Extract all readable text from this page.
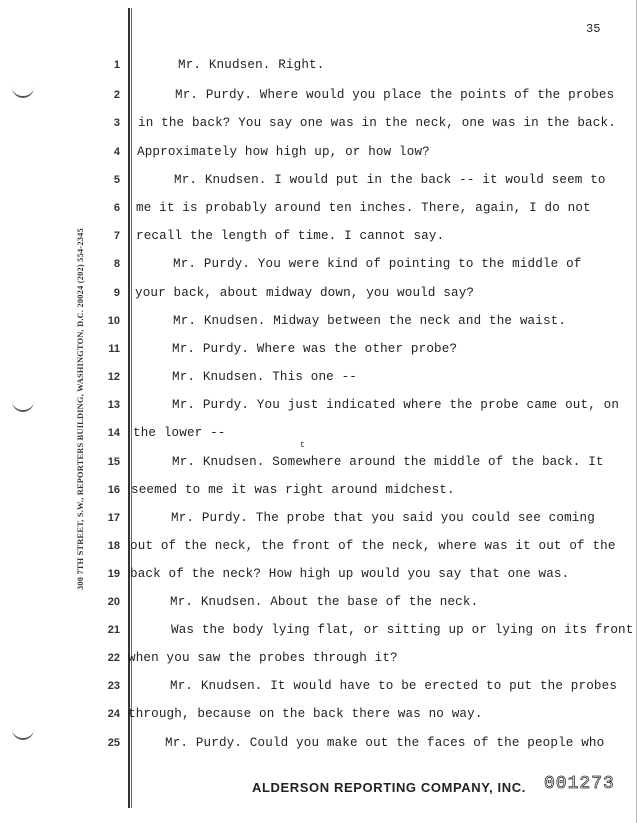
300 7TH STREET, S.W., REPORTERS BUILDING, WASHINGTON, D.C. 20024 (202) 554-2345
35
1	Mr. Knudsen. Right.
2	Mr. Purdy. Where would you place the points of the probes
3 in the back? You say one was in the neck, one was in the back.
4 Approximately how high up, or how low?
5	Mr. Knudsen. I would put in the back -- it would seem to
6 me it is probably around ten inches. There, again, I do not
7 recall the length of time. I cannot say.
8	Mr. Purdy. You were kind of pointing to the middle of
9 your back, about midway down, you would say?
10	Mr. Knudsen. Midway between the neck and the waist.
11	Mr. Purdy. Where was the other probe?
12	Mr. Knudsen. This one --
13	Mr. Purdy. You just indicated where the probe came out, on
14 the lower --
15	Mr. Knudsen. Somewhere around the middle of the back. It
16 seemed to me it was right around midchest.
17	Mr. Purdy. The probe that you said you could see coming
18 out of the neck, the front of the neck, where was it out of the
19 back of the neck? How high up would you say that one was.
20	Mr. Knudsen. About the base of the neck.
21	Was the body lying flat, or sitting up or lying on its front
22 when you saw the probes through it?
23	Mr. Knudsen. It would have to be erected to put the probes
24 through, because on the back there was no way.
25	Mr. Purdy. Could you make out the faces of the people who
t
ALDERSON REPORTING COMPANY, INC. 001273
